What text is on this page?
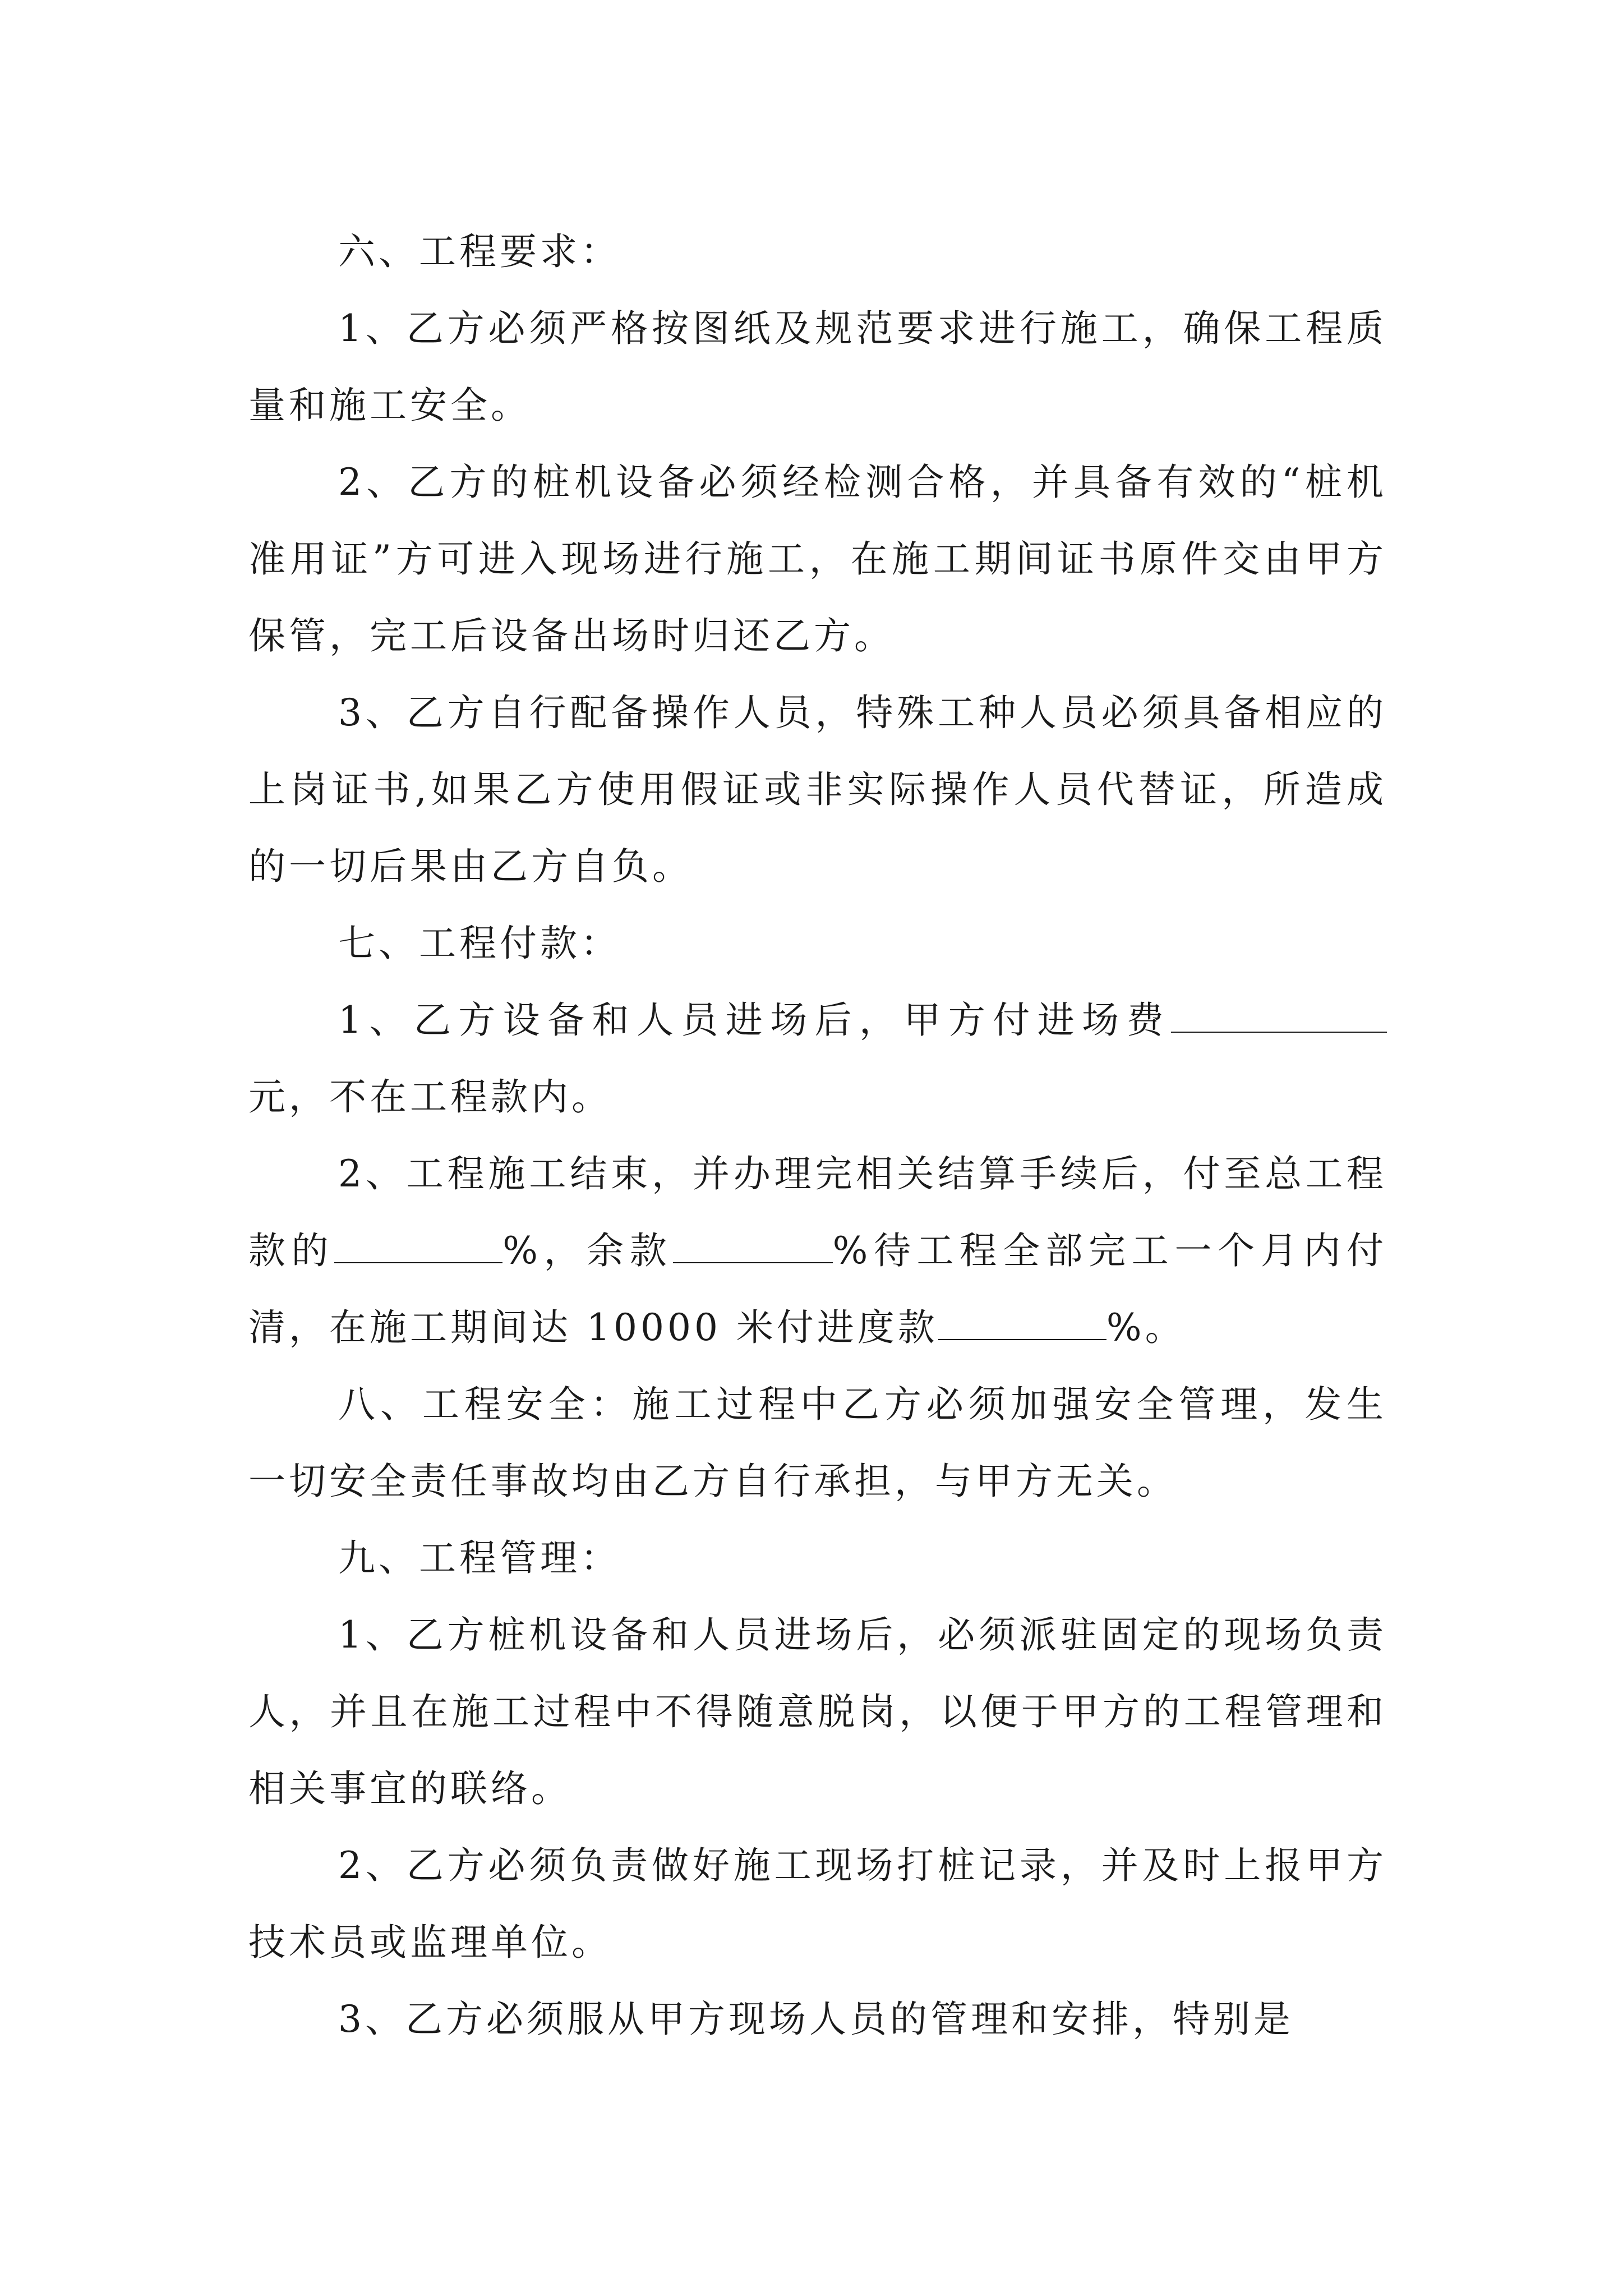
六、工程要求：

1、乙方必须严格按图纸及规范要求进行施工，确保工程质量和施工安全。

2、乙方的桩机设备必须经检测合格，并具备有效的“桩机准用证”方可进入现场进行施工，在施工期间证书原件交由甲方保管，完工后设备出场时归还乙方。

3、乙方自行配备操作人员，特殊工种人员必须具备相应的上岗证书,如果乙方使用假证或非实际操作人员代替证，所造成的一切后果由乙方自负。

七、工程付款：

1、乙方设备和人员进场后，甲方付进场费元，不在工程款内。

2、工程施工结束，并办理完相关结算手续后，付至总工程款的	%，余款	%待工程全部完工一个月内付清，在施工期间达 10000 米付进度款	%。

八、工程安全：施工过程中乙方必须加强安全管理，发生一切安全责任事故均由乙方自行承担，与甲方无关。

九、工程管理：

1、乙方桩机设备和人员进场后，必须派驻固定的现场负责人，并且在施工过程中不得随意脱岗，以便于甲方的工程管理和相关事宜的联络。

2、乙方必须负责做好施工现场打桩记录，并及时上报甲方技术员或监理单位。

3、乙方必须服从甲方现场人员的管理和安排，特别是
